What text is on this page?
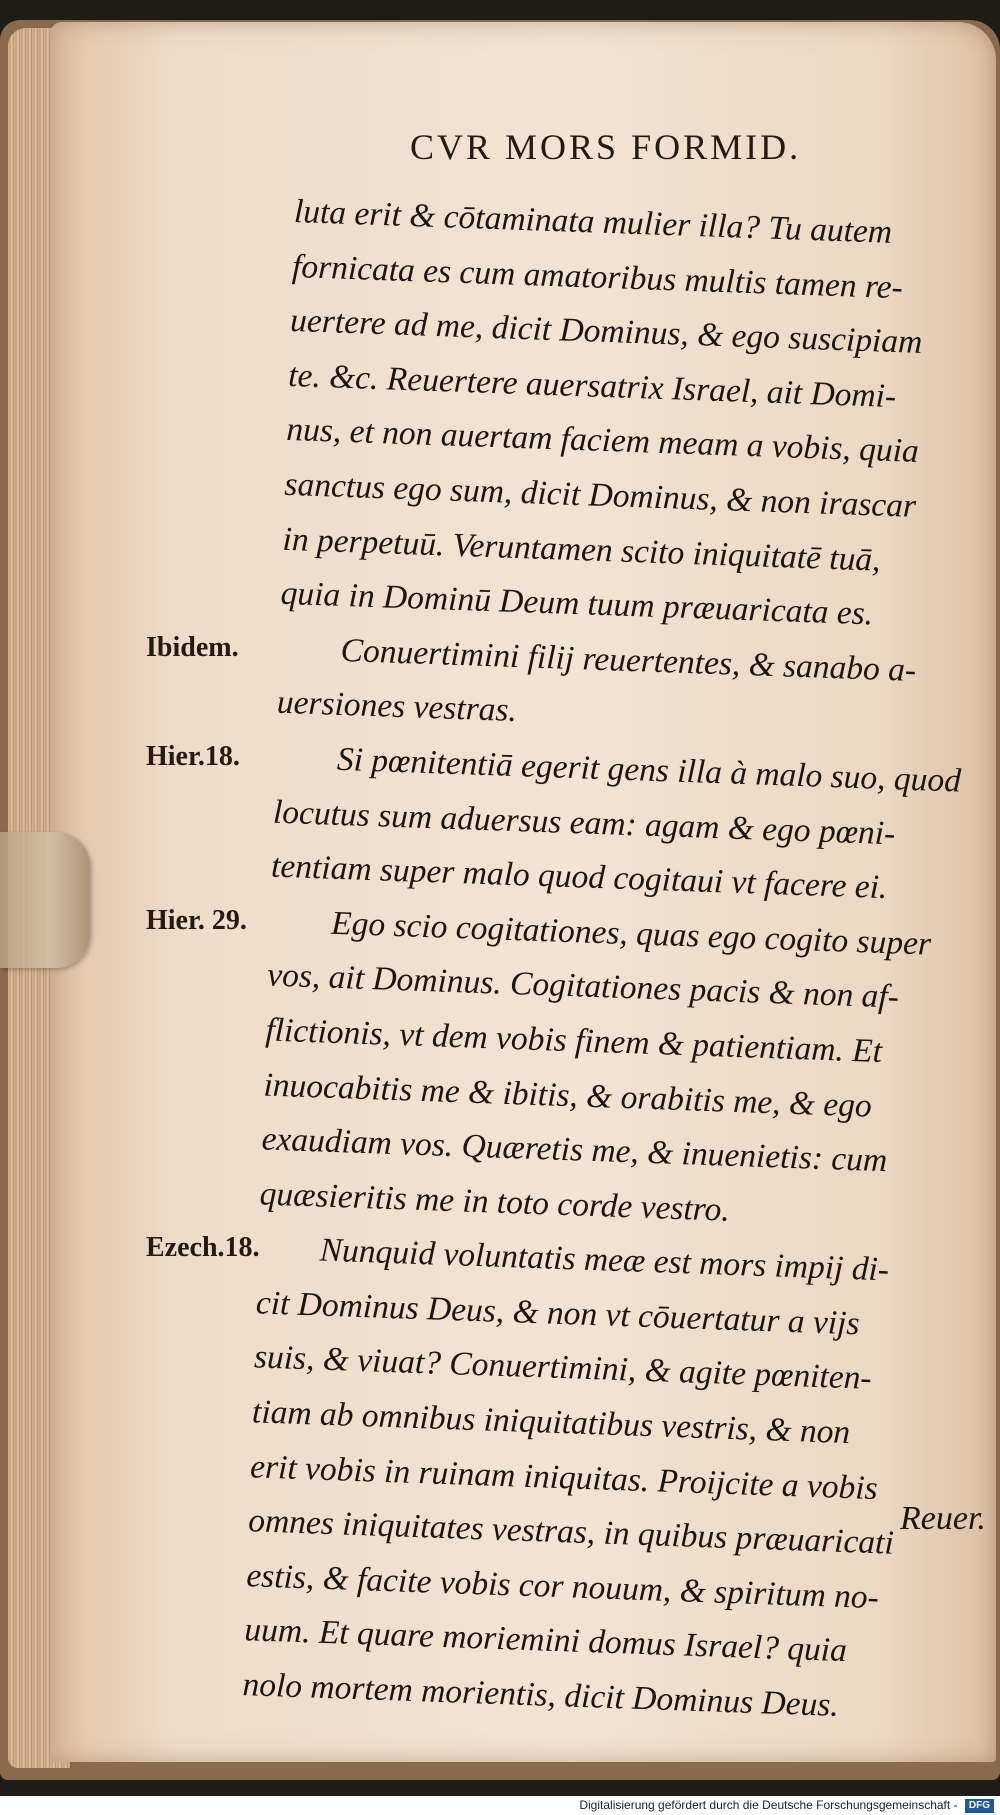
CVR MORS FORMID.
luta erit & cōtaminata mulier illa? Tu autem
fornicata es cum amatoribus multis tamen re-
uertere ad me, dicit Dominus, & ego suscipiam
te. &c. Reuertere auersatrix Israel, ait Domi-
nus, et non auertam faciem meam a vobis, quia
sanctus ego sum, dicit Dominus, & non irascar
in perpetuū. Veruntamen scito iniquitatē tuā,
quia in Dominū Deum tuum præuaricata es.
Conuertimini filij reuertentes, & sanabo a-
uersiones vestras.
Si pœnitentiā egerit gens illa à malo suo, quod
locutus sum aduersus eam: agam & ego pœni-
tentiam super malo quod cogitaui vt facere ei.
Ego scio cogitationes, quas ego cogito super
vos, ait Dominus. Cogitationes pacis & non af-
flictionis, vt dem vobis finem & patientiam. Et
inuocabitis me & ibitis, & orabitis me, & ego
exaudiam vos. Quæretis me, & inuenietis: cum
quæsieritis me in toto corde vestro.
Nunquid voluntatis meæ est mors impij di-
cit Dominus Deus, & non vt cōuertatur a vijs
suis, & viuat? Conuertimini, & agite pœniten-
tiam ab omnibus iniquitatibus vestris, & non
erit vobis in ruinam iniquitas. Proijcite a vobis
omnes iniquitates vestras, in quibus præuaricati
estis, & facite vobis cor nouum, & spiritum no-
uum. Et quare moriemini domus Israel? quia
nolo mortem morientis, dicit Dominus Deus.
Ibidem.
Hier.18.
Hier. 29.
Ezech.18.
Reuer.
Digitalisierung gefördert durch die Deutsche Forschungsgemeinschaft - DFG
